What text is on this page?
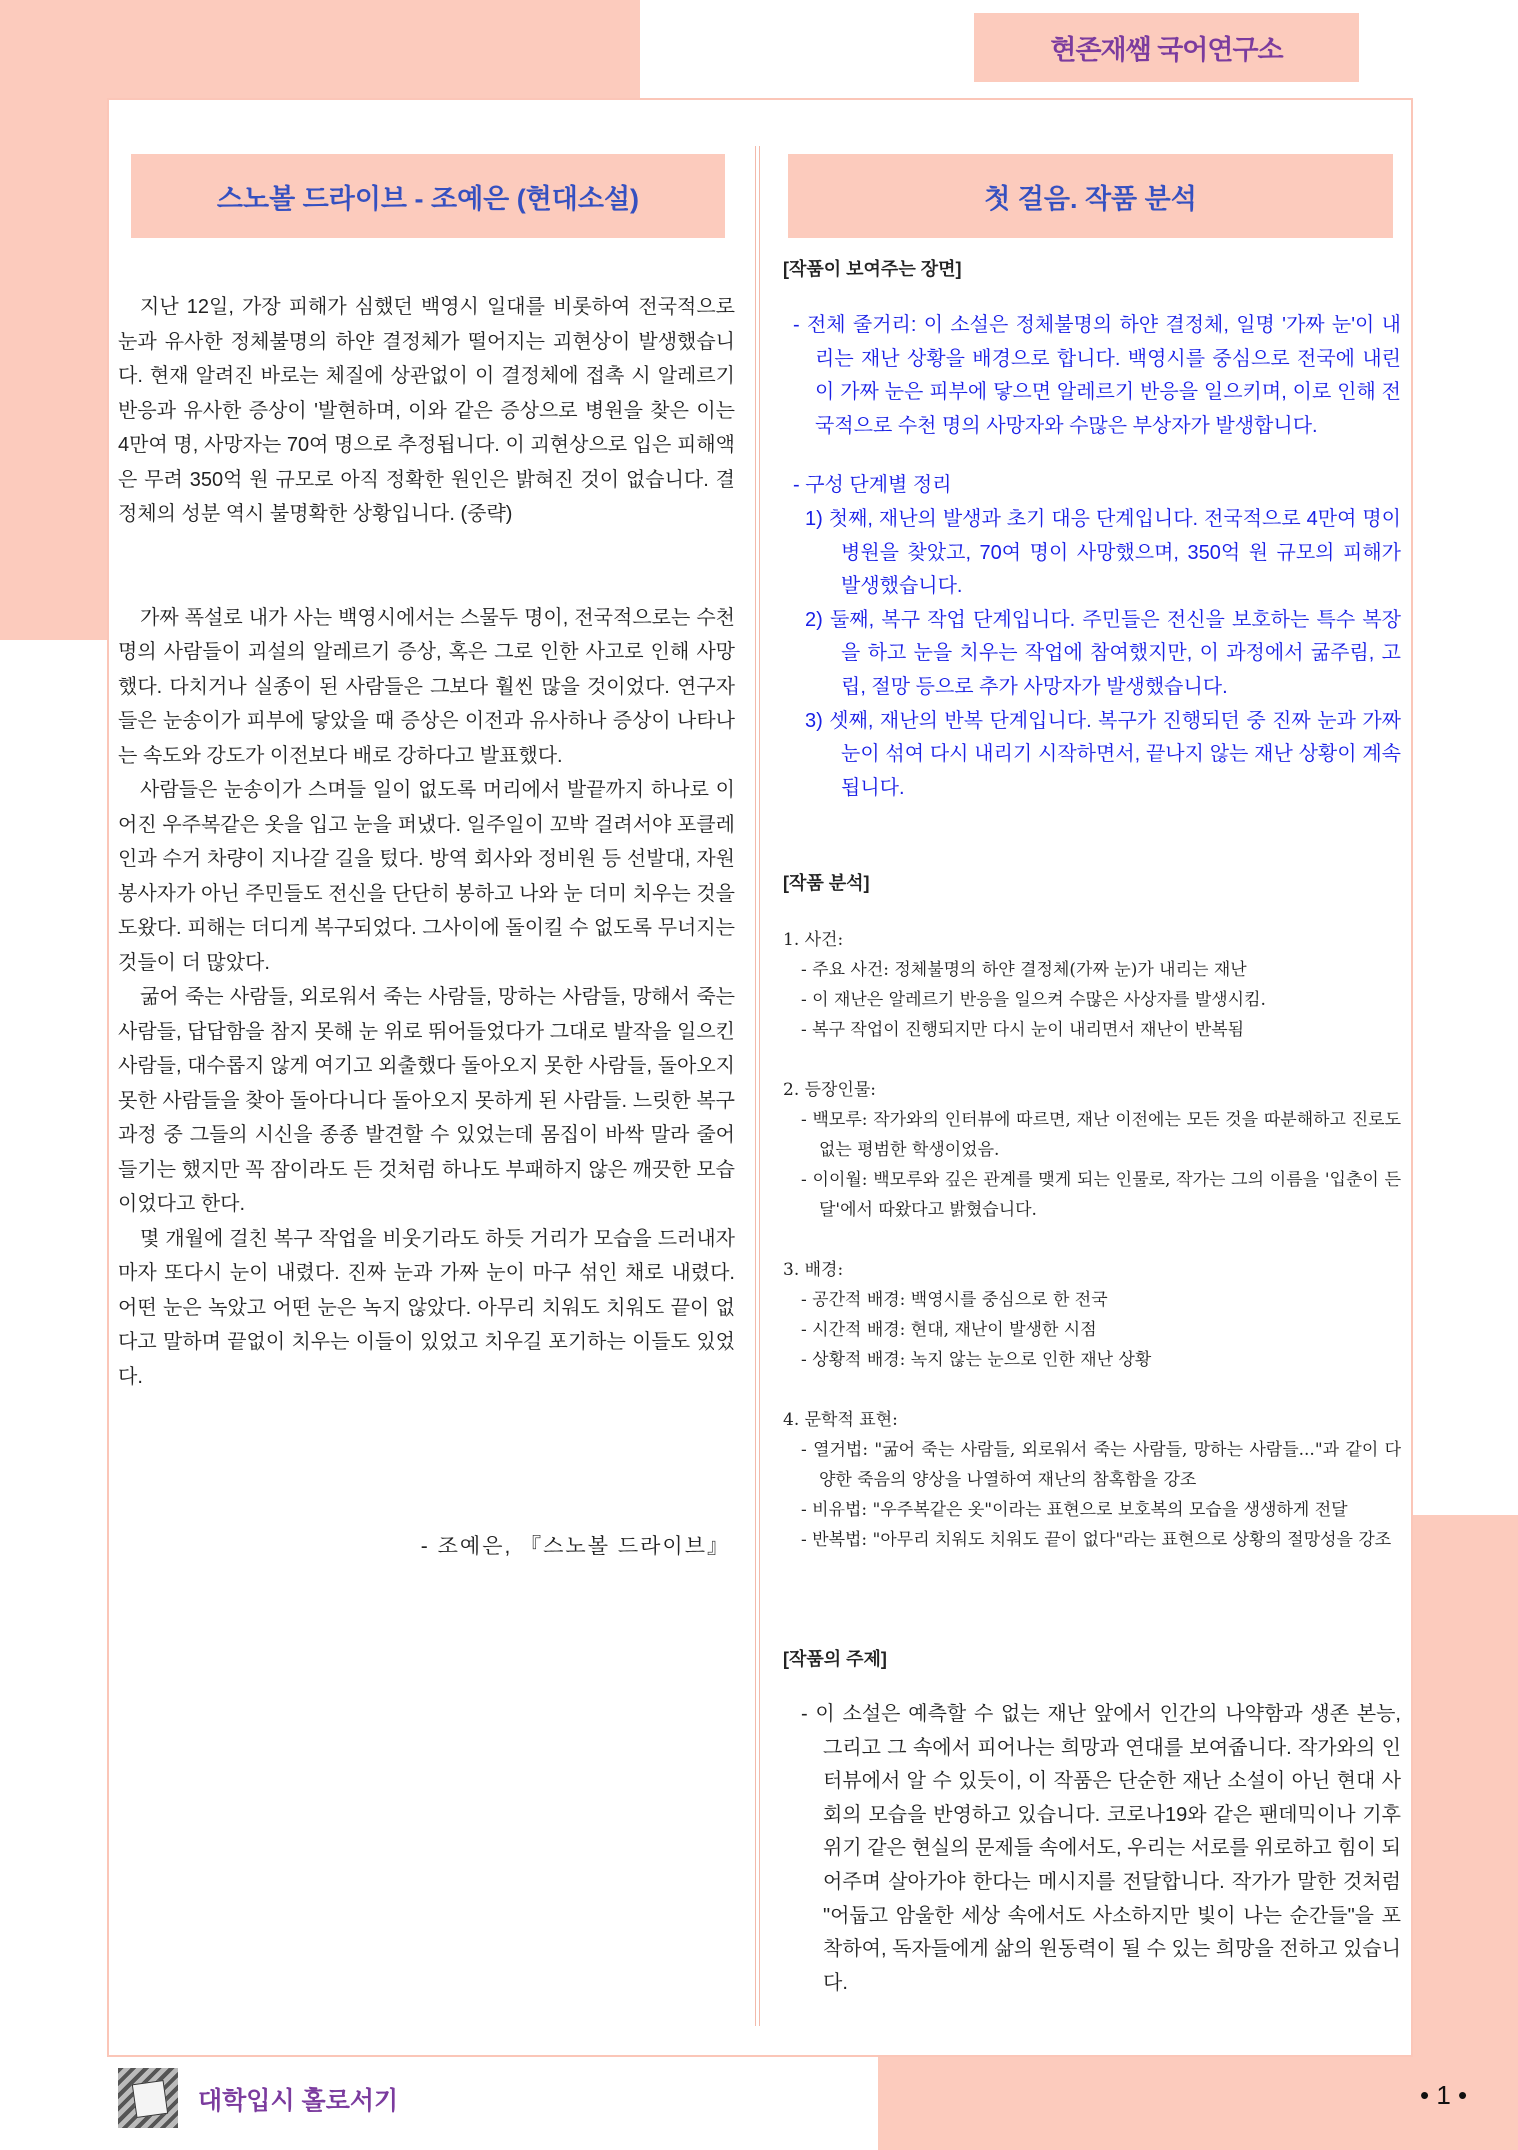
현존재쌤 국어연구소
스노볼 드라이브 - 조예은 (현대소설)	첫 걸음. 작품 분석

지난 12일, 가장 피해가 심했던 백영시 일대를 비롯하여 전국적으로 눈과 유사한 정체불명의 하얀 결정체가 떨어지는 괴현상이 발생했습니다. 현재 알려진 바로는 체질에 상관없이 이 결정체에 접촉 시 알레르기 반응과 유사한 증상이 '발현하며, 이와 같은 증상으로 병원을 찾은 이는 4만여 명, 사망자는 70여 명으로 추정됩니다. 이 괴현상으로 입은 피해액은 무려 350억 원 규모로 아직 정확한 원인은 밝혀진 것이 없습니다. 결정체의 성분 역시 불명확한 상황입니다. (중략)

가짜 폭설로 내가 사는 백영시에서는 스물두 명이, 전국적으로는 수천 명의 사람들이 괴설의 알레르기 증상, 혹은 그로 인한 사고로 인해 사망했다. 다치거나 실종이 된 사람들은 그보다 훨씬 많을 것이었다. 연구자들은 눈송이가 피부에 닿았을 때 증상은 이전과 유사하나 증상이 나타나는 속도와 강도가 이전보다 배로 강하다고 발표했다.

사람들은 눈송이가 스며들 일이 없도록 머리에서 발끝까지 하나로 이어진 우주복같은 옷을 입고 눈을 퍼냈다. 일주일이 꼬박 걸려서야 포클레인과 수거 차량이 지나갈 길을 텄다. 방역 회사와 정비원 등 선발대, 자원봉사자가 아닌 주민들도 전신을 단단히 봉하고 나와 눈 더미 치우는 것을 도왔다. 피해는 더디게 복구되었다. 그사이에 돌이킬 수 없도록 무너지는 것들이 더 많았다.

굶어 죽는 사람들, 외로워서 죽는 사람들, 망하는 사람들, 망해서 죽는 사람들, 답답함을 참지 못해 눈 위로 뛰어들었다가 그대로 발작을 일으킨 사람들, 대수롭지 않게 여기고 외출했다 돌아오지 못한 사람들, 돌아오지 못한 사람들을 찾아 돌아다니다 돌아오지 못하게 된 사람들. 느릿한 복구 과정 중 그들의 시신을 종종 발견할 수 있었는데 몸집이 바싹 말라 줄어들기는 했지만 꼭 잠이라도 든 것처럼 하나도 부패하지 않은 깨끗한 모습이었다고 한다.

몇 개월에 걸친 복구 작업을 비웃기라도 하듯 거리가 모습을 드러내자마자 또다시 눈이 내렸다. 진짜 눈과 가짜 눈이 마구 섞인 채로 내렸다. 어떤 눈은 녹았고 어떤 눈은 녹지 않았다. 아무리 치워도 치워도 끝이 없다고 말하며 끝없이 치우는 이들이 있었고 치우길 포기하는 이들도 있었다.

- 조예은, 『스노볼 드라이브』
[작품이 보여주는 장면]

- 전체 줄거리: 이 소설은 정체불명의 하얀 결정체, 일명 '가짜 눈'이 내리는 재난 상황을 배경으로 합니다. 백영시를 중심으로 전국에 내린 이 가짜 눈은 피부에 닿으면 알레르기 반응을 일으키며, 이로 인해 전국적으로 수천 명의 사망자와 수많은 부상자가 발생합니다.

- 구성 단계별 정리

1) 첫째, 재난의 발생과 초기 대응 단계입니다. 전국적으로 4만여 명이 병원을 찾았고, 70여 명이 사망했으며, 350억 원 규모의 피해가 발생했습니다.

2) 둘째, 복구 작업 단계입니다. 주민들은 전신을 보호하는 특수 복장을 하고 눈을 치우는 작업에 참여했지만, 이 과정에서 굶주림, 고립, 절망 등으로 추가 사망자가 발생했습니다.

3) 셋째, 재난의 반복 단계입니다. 복구가 진행되던 중 진짜 눈과 가짜 눈이 섞여 다시 내리기 시작하면서, 끝나지 않는 재난 상황이 계속됩니다.

[작품 분석]

1. 사건:

- 주요 사건: 정체불명의 하얀 결정체(가짜 눈)가 내리는 재난

- 이 재난은 알레르기 반응을 일으켜 수많은 사상자를 발생시킴.

- 복구 작업이 진행되지만 다시 눈이 내리면서 재난이 반복됨

2. 등장인물:

- 백모루: 작가와의 인터뷰에 따르면, 재난 이전에는 모든 것을 따분해하고 진로도 없는 평범한 학생이었음.

- 이이월: 백모루와 깊은 관계를 맺게 되는 인물로, 작가는 그의 이름을 '입춘이 든 달'에서 따왔다고 밝혔습니다.

3. 배경:

- 공간적 배경: 백영시를 중심으로 한 전국

- 시간적 배경: 현대, 재난이 발생한 시점

- 상황적 배경: 녹지 않는 눈으로 인한 재난 상황

4. 문학적 표현:

- 열거법: "굶어 죽는 사람들, 외로워서 죽는 사람들, 망하는 사람들..."과 같이 다양한 죽음의 양상을 나열하여 재난의 참혹함을 강조

- 비유법: "우주복같은 옷"이라는 표현으로 보호복의 모습을 생생하게 전달

- 반복법: "아무리 치워도 치워도 끝이 없다"라는 표현으로 상황의 절망성을 강조

[작품의 주제]

- 이 소설은 예측할 수 없는 재난 앞에서 인간의 나약함과 생존 본능, 그리고 그 속에서 피어나는 희망과 연대를 보여줍니다. 작가와의 인터뷰에서 알 수 있듯이, 이 작품은 단순한 재난 소설이 아닌 현대 사회의 모습을 반영하고 있습니다. 코로나19와 같은 팬데믹이나 기후 위기 같은 현실의 문제들 속에서도, 우리는 서로를 위로하고 힘이 되어주며 살아가야 한다는 메시지를 전달합니다. 작가가 말한 것처럼 "어둡고 암울한 세상 속에서도 사소하지만 빛이 나는 순간들"을 포착하여, 독자들에게 삶의 원동력이 될 수 있는 희망을 전하고 있습니다.

대학입시 홀로서기	• 1 •
